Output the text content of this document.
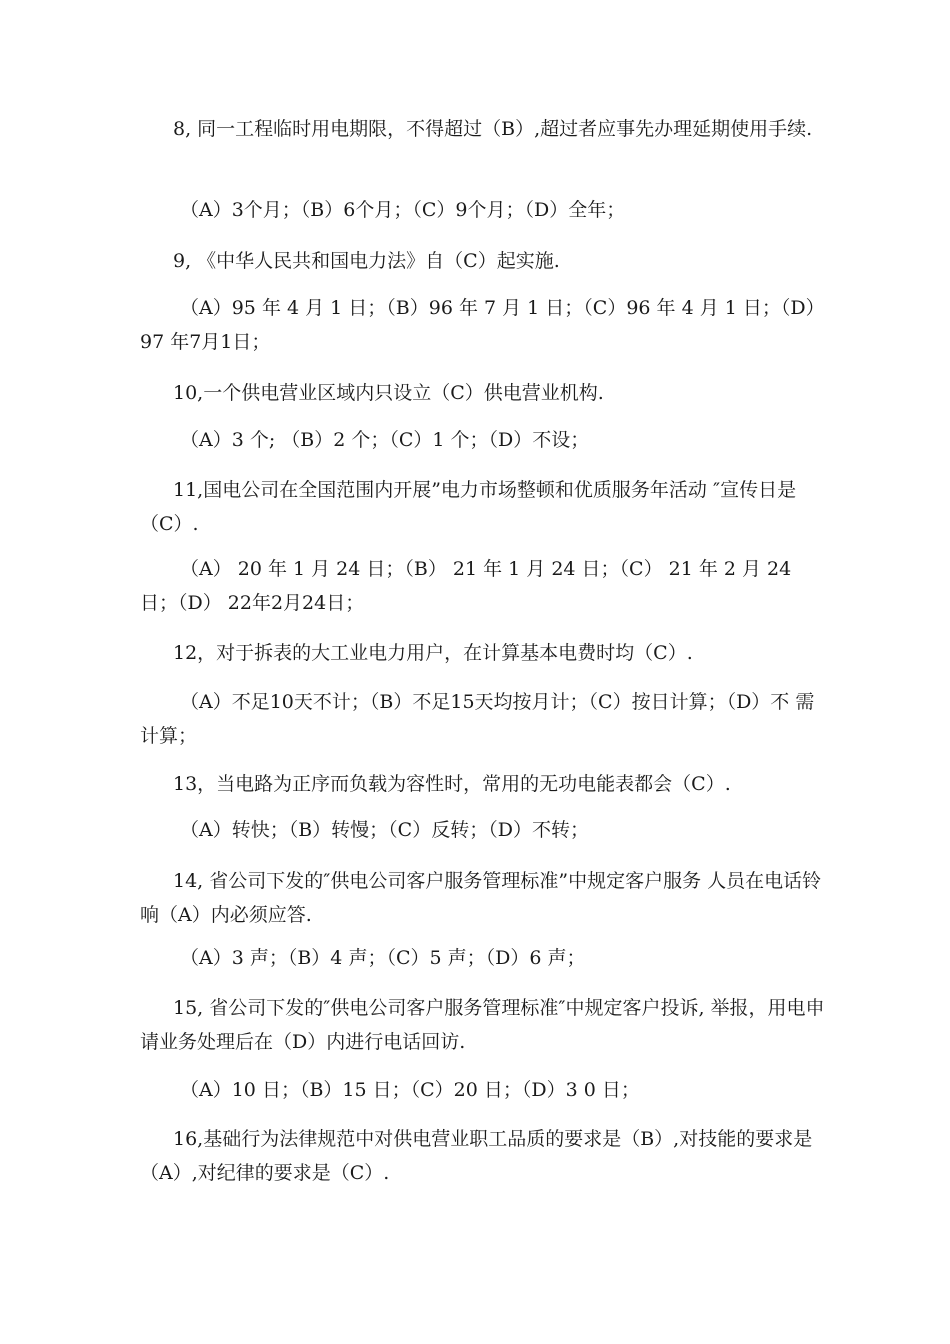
8, 同一工程临时用电期限，不得超过（B）,超过者应事先办理延期使用手续.

（A）3个月；（B）6个月；（C）9个月；（D）全年；

9, 《中华人民共和国电力法》自（C）起实施.

（A）95 年 4 月 1 日；（B）96 年 7 月 1 日；（C）96 年 4 月 1 日；（D）97 年7月1日；

10,一个供电营业区域内只设立（C）供电营业机构.

（A）3 个; （B）2 个；（C）1 个；（D）不设；

11,国电公司在全国范围内开展”电力市场整顿和优质服务年活动 ″宣传日是（C）.

（A） 20 年 1 月 24 日；（B） 21 年 1 月 24 日；（C） 21 年 2 月 24 日；（D） 22年2月24日；

12，对于拆表的大工业电力用户，在计算基本电费时均（C）.

（A）不足10天不计；（B）不足15天均按月计；（C）按日计算；（D）不 需计算；

13，当电路为正序而负载为容性时，常用的无功电能表都会（C）.

（A）转快；（B）转慢；（C）反转；（D）不转；

14, 省公司下发的″供电公司客户服务管理标准”中规定客户服务 人员在电话铃响（A）内必须应答.

（A）3 声；（B）4 声；（C）5 声；（D）6 声；

15, 省公司下发的″供电公司客户服务管理标准″中规定客户投诉, 举报，用电申请业务处理后在（D）内进行电话回访.

（A）10 日；（B）15 日；（C）20 日；（D）3 0 日；

16,基础行为法律规范中对供电营业职工品质的要求是（B）,对技能的要求是（A）,对纪律的要求是（C）.
